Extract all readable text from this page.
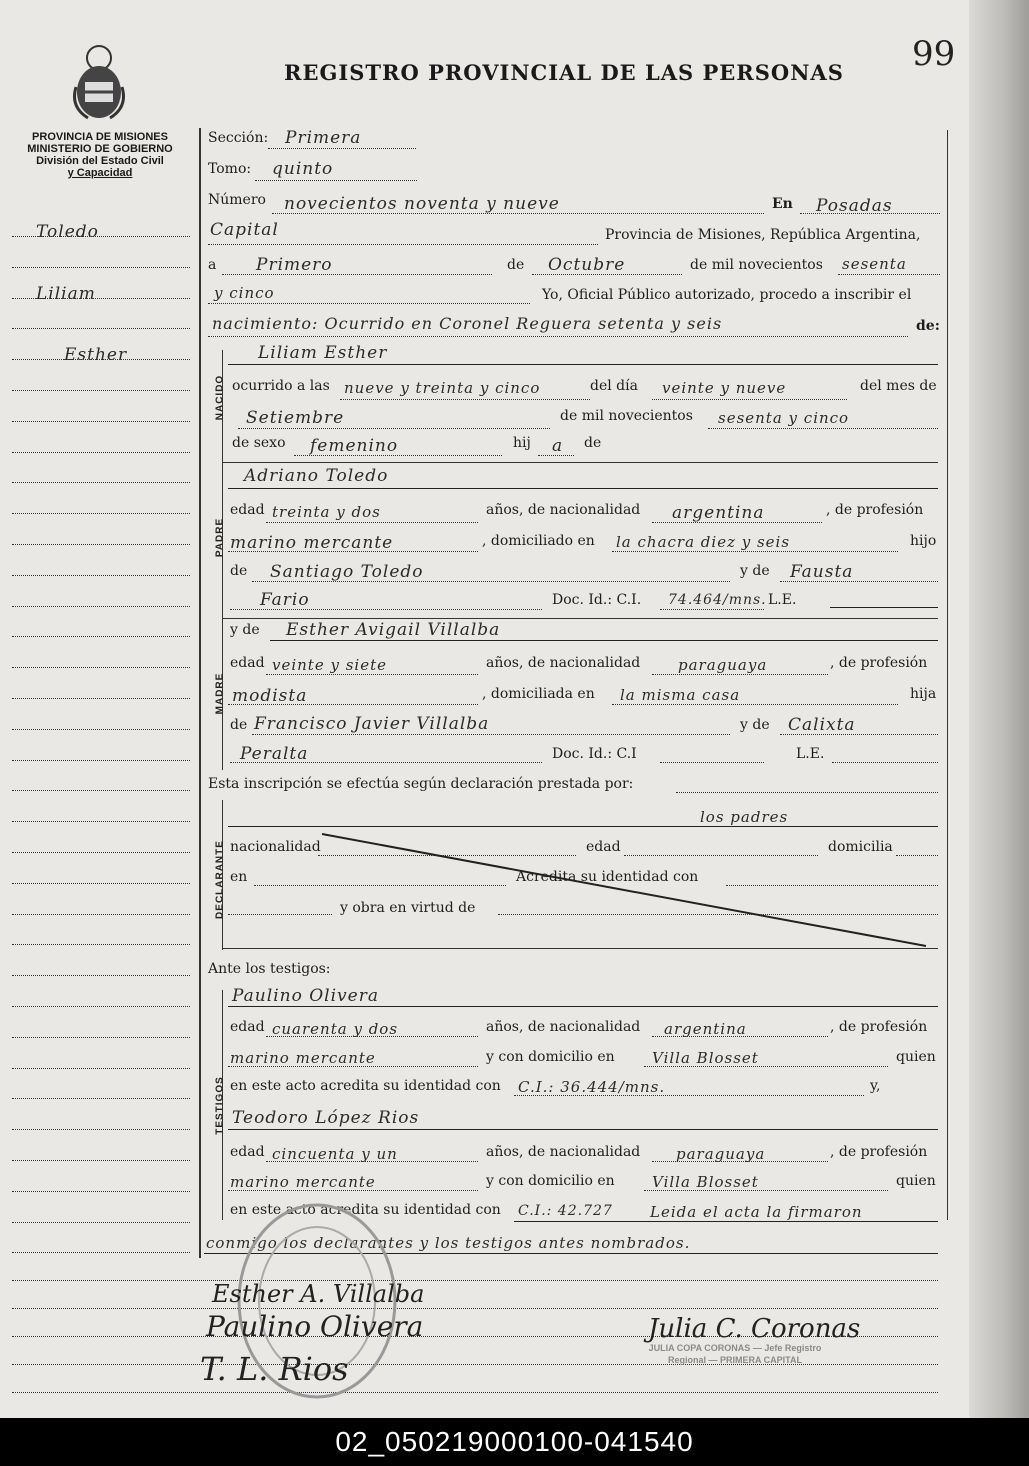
REGISTRO PROVINCIAL DE LAS PERSONAS 99
PROVINCIA DE MISIONES
MINISTERIO DE GOBIERNO
División del Estado Civil
y Capacidad
Toledo
Liliam
Esther
NACIDO
PADRE
MADRE
DECLARANTE
TESTIGOS
Sección: Primera
Tomo: quinto
Número novecientos noventa y nueve	En Posadas
Capital	Provincia de Misiones, República Argentina,
a Primero	de Octubre	de mil novecientos sesenta
y cinco	Yo, Oficial Público autorizado, procedo a inscribir el
nacimiento: Ocurrido en Coronel Reguera setenta y seis	de:
Liliam Esther
ocurrido a las nueve y treinta y cinco	del día veinte y nueve	del mes de
Setiembre	de mil novecientos sesenta y cinco
de sexo femenino	hij a de
Adriano Toledo
edad treinta y dos	años, de nacionalidad argentina	, de profesión
marino mercante	, domiciliado en la chacra diez y seis	hijo
de Santiago Toledo	y de Fausta
Fario	Doc. Id.: C.I. 74.464/mns. L.E.
y de Esther Avigail Villalba
edad veinte y siete	años, de nacionalidad	paraguaya	, de profesión
modista	, domiciliada en la misma casa	hija
de Francisco Javier Villalba	y de Calixta
Peralta	Doc. Id.: C.I	L.E.
Esta inscripción se efectúa según declaración prestada por:
los padres
nacionalidad	edad	domicilia
en	Acredita su identidad con
y obra en virtud de
Ante los testigos:
Paulino Olivera
edad cuarenta y dos	años, de nacionalidad argentina	, de profesión
marino mercante	y con domicilio en Villa Blosset	quien
en este acto acredita su identidad con C.I.: 36.444/mns.	y,
Teodoro López Rios
edad cincuenta y un	años, de nacionalidad paraguaya	, de profesión
marino mercante	y con domicilio en Villa Blosset	quien
en este acto acredita su identidad con C.I.: 42.727 Leida el acta la firmaron
conmigo los declarantes y los testigos antes nombrados.
Esther A. Villalba
Paulino Olivera
T. L. Rios
Julia C. Coronas
JULIA COPA CORONAS — Jefe Registro Regional — PRIMERA CAPITAL
02_050219000100-041540
